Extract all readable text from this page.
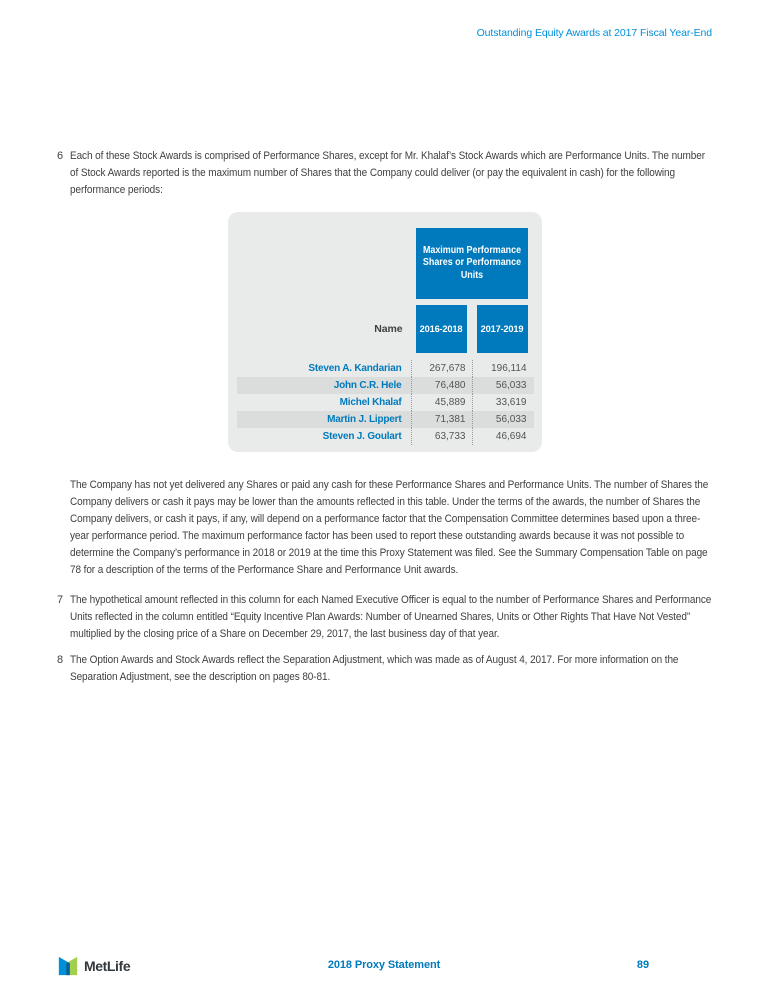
Outstanding Equity Awards at 2017 Fiscal Year-End
6 Each of these Stock Awards is comprised of Performance Shares, except for Mr. Khalaf’s Stock Awards which are Performance Units. The number of Stock Awards reported is the maximum number of Shares that the Company could deliver (or pay the equivalent in cash) for the following performance periods:
Maximum Performance Shares or Performance Units
Name	2016-2018	2017-2019
Steven A. Kandarian	267,678	196,114
John C.R. Hele	76,480	56,033
Michel Khalaf	45,889	33,619
Martin J. Lippert	71,381	56,033
Steven J. Goulart	63,733	46,694
The Company has not yet delivered any Shares or paid any cash for these Performance Shares and Performance Units. The number of Shares the Company delivers or cash it pays may be lower than the amounts reflected in this table. Under the terms of the awards, the number of Shares the Company delivers, or cash it pays, if any, will depend on a performance factor that the Compensation Committee determines based upon a three-year performance period. The maximum performance factor has been used to report these outstanding awards because it was not possible to determine the Company’s performance in 2018 or 2019 at the time this Proxy Statement was filed. See the Summary Compensation Table on page 78 for a description of the terms of the Performance Share and Performance Unit awards.
7 The hypothetical amount reflected in this column for each Named Executive Officer is equal to the number of Performance Shares and Performance Units reflected in the column entitled “Equity Incentive Plan Awards: Number of Unearned Shares, Units or Other Rights That Have Not Vested” multiplied by the closing price of a Share on December 29, 2017, the last business day of that year.
8 The Option Awards and Stock Awards reflect the Separation Adjustment, which was made as of August 4, 2017. For more information on the Separation Adjustment, see the description on pages 80-81.
MetLife	2018 Proxy Statement	89
